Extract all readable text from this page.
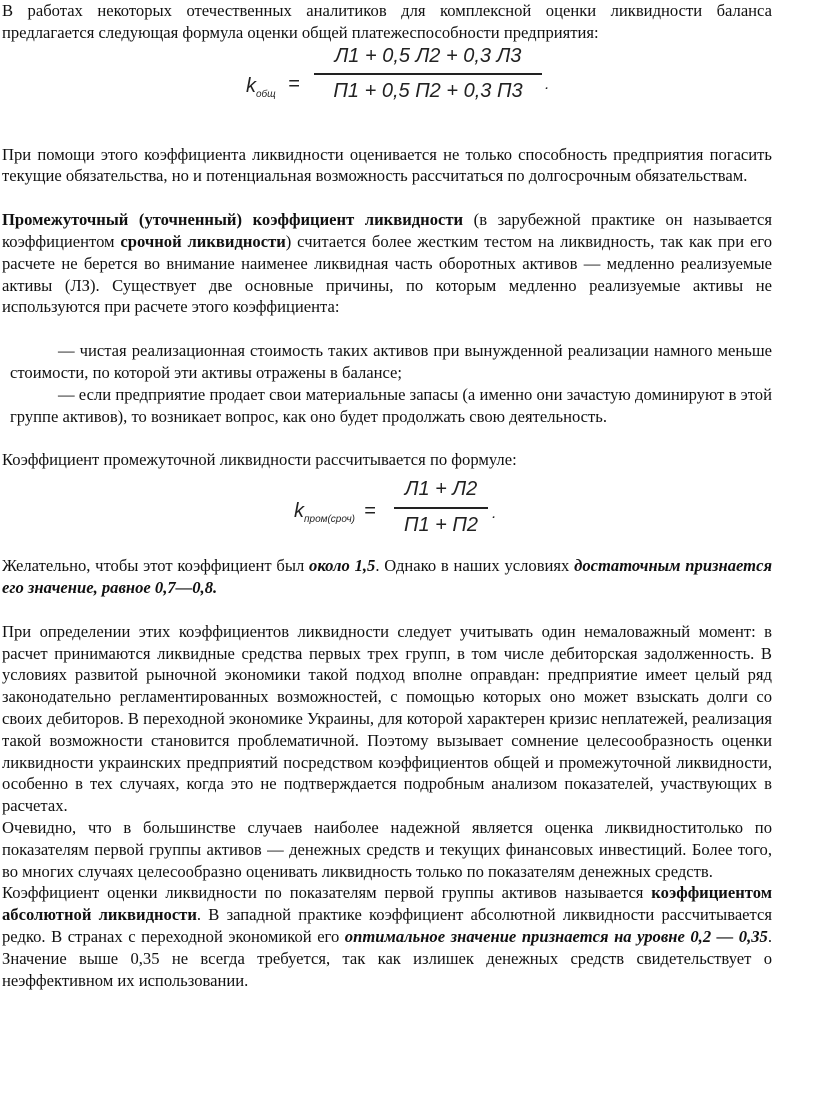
В работах некоторых отечественных аналитиков для комплексной оценки ликвидности баланса предлагается следующая формула оценки общей платежеспособности предприятия:

$k_{общ}$ =
Л1 + 0,5 Л2 + 0,3 Л3
П1 + 0,5 П2 + 0,3 П3	.

При помощи этого коэффициента ликвидности оценивается не только способность предприятия погасить текущие обязательства, но и потенциальная возможность рассчитаться по долгосрочным обязательствам.

Промежуточный (уточненный) коэффициент ликвидности (в зарубежной практике он называется коэффициентом срочной ликвидности) считается более жестким тестом на ликвидность, так как при его расчете не берется во внимание наименее ликвидная часть оборотных активов — медленно реализуемые активы (ЛЗ). Существует две основные причины, по которым медленно реализуемые активы не используются при расчете этого коэффициента:

— чистая реализационная стоимость таких активов при вынужденной реализации намного меньше стоимости, по которой эти активы отражены в балансе;

— если предприятие продает свои материальные запасы (а именно они зачастую доминируют в этой группе активов), то возникает вопрос, как оно будет продолжать свою деятельность.

Коэффициент промежуточной ликвидности рассчитывается по формуле:

$k_{пром(сроч)}$ =
Л1 + Л2
П1 + П2
.

Желательно, чтобы этот коэффициент был около 1,5. Однако в наших условиях достаточным признается его значение, равное 0,7—0,8.

При определении этих коэффициентов ликвидности следует учитывать один немаловажный момент: в расчет принимаются ликвидные средства первых трех групп, в том числе дебиторская задолженность. В условиях развитой рыночной экономики такой подход вполне оправдан: предприятие имеет целый ряд законодательно регламентированных возможностей, с помощью которых оно может взыскать долги со своих дебиторов. В переходной экономике Украины, для которой характерен кризис неплатежей, реализация такой возможности становится проблематичной. Поэтому вызывает сомнение целесообразность оценки ликвидности украинских предприятий посредством коэффициентов общей и промежуточной ликвидности, особенно в тех случаях, когда это не подтверждается подробным анализом показателей, участвующих в расчетах.

Очевидно, что в большинстве случаев наиболее надежной является оценка ликвидноститолько по показателям первой группы активов — денежных средств и текущих финансовых инвестиций. Более того, во многих случаях целесообразно оценивать ликвидность только по показателям денежных средств.

Коэффициент оценки ликвидности по показателям первой группы активов называется коэффициентом абсолютной ликвидности. В западной практике коэффициент абсолютной ликвидности рассчитывается редко. В странах с переходной экономикой его оптимальное значение признается на уровне 0,2 — 0,35. Значение выше 0,35 не всегда требуется, так как излишек денежных средств свидетельствует о неэффективном их использовании.
